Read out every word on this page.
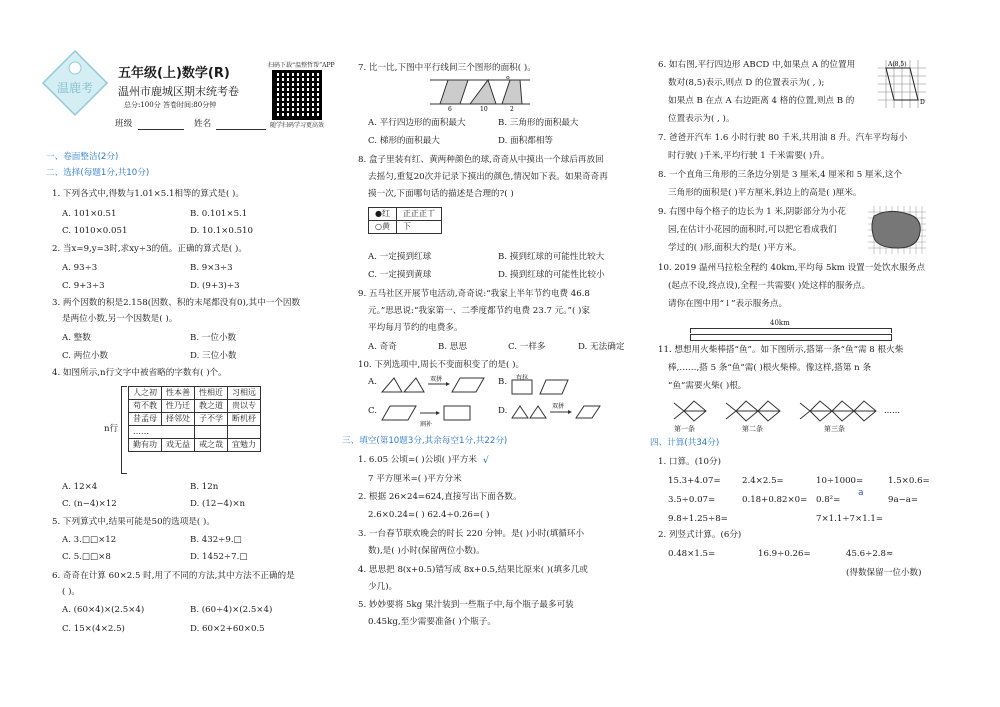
温鹿考
五年级(上)数学(R)
温州市鹿城区期末统考卷
总分:100分 答卷时间:80分钟
班级	姓名
扫码下载“温整哲帮”APP
随学扫码学习更高效
一、卷面整洁(2分)
二、选择(每题1分,共10分)
1. 下列各式中,得数与1.01×5.1相等的算式是( )。
A. 101×0.51	B. 0.101×5.1
C. 1010×0.051	D. 10.1×0.510
2. 当x=9,y=3时,求xy÷3的值。正确的算式是( )。
A. 93÷3	B. 9×3÷3
C. 9+3÷3	D. (9+3)÷3
3. 两个因数的积是2.158(因数、积的末尾都没有0),其中一个因数
是两位小数,另一个因数是( )。
A. 整数	B. 一位小数
C. 两位小数	D. 三位小数
4. 如图所示,n行文字中被省略的字数有( )个。
n行
人之初	性本善	性相近	习相远
苟不教	性乃迁	教之道	贵以专
昔孟母	择邻处	子不学	断机杼
……			
勤有功	戏无益	戒之哉	宜勉力
A. 12×4	B. 12n
C. (n−4)×12	D. (12−4)×n
5. 下列算式中,结果可能是50的选项是( )。
A. 3.□□×12	B. 432÷9.□
C. 5.□□×8	D. 1452÷7.□
6. 奇奇在计算 60×2.5 时,用了不同的方法,其中方法不正确的是
( )。
A. (60×4)×(2.5×4)	B. (60÷4)×(2.5×4)
C. 15×(4×2.5)	D. 60×2+60×0.5
7. 比一比,下图中平行线间三个图形的面积( )。
8
6	10	2
A. 平行四边形的面积最大	B. 三角形的面积最大
C. 梯形的面积最大	D. 面积都相等
8. 盒子里装有红、黄两种颜色的球,奇奇从中摸出一个球后再放回
去摇匀,重复20次并记录下摸出的颜色,情况如下表。如果奇奇再
摸一次,下面哪句话的描述是合理的?( )
●红	正正正丅
○黄	下
A. 一定摸到红球	B. 摸到红球的可能性比较大
C. 一定摸到黄球	D. 摸到红球的可能性比较小
9. 五马社区开展节电活动,奇奇说:“我家上半年节约电费 46.8
元。”思思说:“我家第一、二季度都节约电费 23.7 元。”( )家
平均每月节约的电费多。
A. 奇奇	B. 思思	C. 一样多	D. 无法确定
10. 下列选项中,周长不变面积变了的是( )。
A.	双拼	B. 右拉
C.
割补
D.	双拼
三、填空(第10题3分,其余每空1分,共22分)
1. 6.05 公顷=( )公顷( )平方米
7 平方厘米=( )平方分米
2. 根据 26×24=624,直接写出下面各数。
2.6×0.24=( ) 62.4÷0.26=( )
3. 一台春节联欢晚会的时长 220 分钟。是( )小时(填循环小
数),是( )小时(保留两位小数)。
4. 思思把 8(x+0.5)错写成 8x+0.5,结果比原来( )(填多几或
少几)。
5. 妙妙要将 5kg 果汁装到一些瓶子中,每个瓶子最多可装
0.45kg,至少需要准备( )个瓶子。
6. 如右图,平行四边形 ABCD 中,如果点 A 的位置用
数对(8,5)表示,则点 D 的位置表示为( , );
如果点 B 在点 A 右边距离 4 格的位置,则点 B 的
位置表示为( , )。
A(8,5)
D
7. 爸爸开汽车 1.6 小时行驶 80 千米,共用油 8 升。汽车平均每小
时行驶( )千米,平均行驶 1 千米需要( )升。
8. 一个直角三角形的三条边分别是 3 厘米,4 厘米和 5 厘米,这个
三角形的面积是( )平方厘米,斜边上的高是( )厘米。
9. 右图中每个格子的边长为 1 米,阴影部分为小花
园,在估计小花园的面积时,可以把它看成我们
学过的( )形,面积大约是( )平方米。
10. 2019 温州马拉松全程约 40km,平均每 5km 设置一处饮水服务点
(起点不设,终点设),全程一共需要( )处这样的服务点。
请你在图中用“↓”表示服务点。
40km
11. 想想用火柴棒搭“鱼”。如下图所示,搭第一条“鱼”需 8 根火柴
棒,……,搭 5 条“鱼”需( )根火柴棒。像这样,搭第 n 条
“鱼”需要火柴( )根。
……
第一条	第二条	第三条
四、计算(共34分)
1. 口算。(10分)
15.3+4.07= 2.4×2.5=	10÷1000=	1.5×0.6=
3.5÷0.07=	0.18+0.82×0= 0.8²=	9a−a=
9.8÷1.25÷8=	7×1.1÷7×1.1=
2. 列竖式计算。(6分)
0.48×1.5=	16.9÷0.26=	45.6÷2.8≈
(得数保留一位小数)
a
√
